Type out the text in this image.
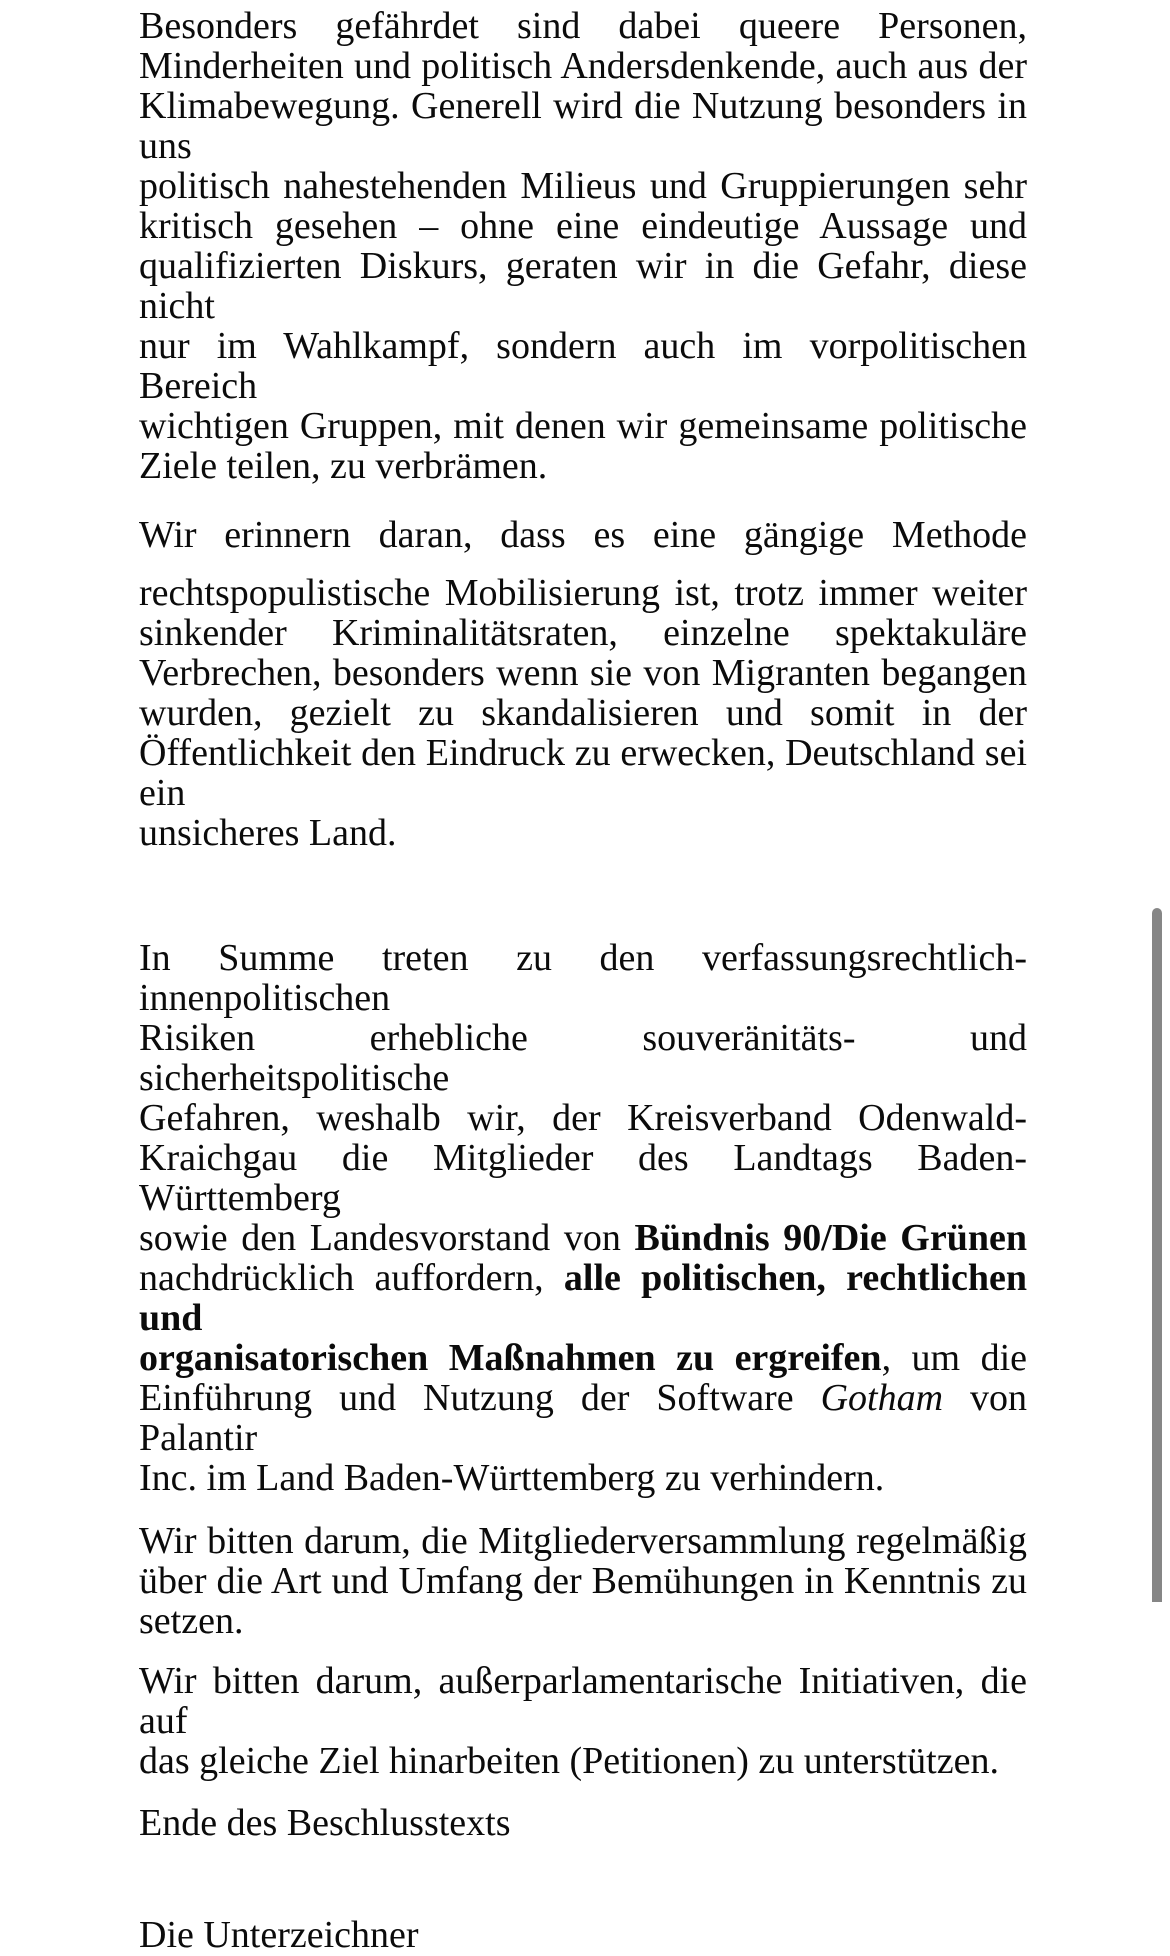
Besonders gefährdet sind dabei queere Personen,
Minderheiten und politisch Andersdenkende, auch aus der
Klimabewegung. Generell wird die Nutzung besonders in uns
politisch nahestehenden Milieus und Gruppierungen sehr
kritisch gesehen – ohne eine eindeutige Aussage und
qualifizierten Diskurs, geraten wir in die Gefahr, diese nicht
nur im Wahlkampf, sondern auch im vorpolitischen Bereich
wichtigen Gruppen, mit denen wir gemeinsame politische
Ziele teilen, zu verbrämen.
Wir erinnern daran, dass es eine gängige Methode
rechtspopulistische Mobilisierung ist, trotz immer weiter
sinkender Kriminalitätsraten, einzelne spektakuläre
Verbrechen, besonders wenn sie von Migranten begangen
wurden, gezielt zu skandalisieren und somit in der
Öffentlichkeit den Eindruck zu erwecken, Deutschland sei ein
unsicheres Land.
In Summe treten zu den verfassungsrechtlich-innenpolitischen
Risiken erhebliche souveränitäts- und sicherheitspolitische
Gefahren, weshalb wir, der Kreisverband Odenwald-
Kraichgau die Mitglieder des Landtags Baden-Württemberg
sowie den Landesvorstand von Bündnis 90/Die Grünen
nachdrücklich auffordern, alle politischen, rechtlichen und
organisatorischen Maßnahmen zu ergreifen, um die
Einführung und Nutzung der Software Gotham von Palantir
Inc. im Land Baden-Württemberg zu verhindern.
Wir bitten darum, die Mitgliederversammlung regelmäßig
über die Art und Umfang der Bemühungen in Kenntnis zu
setzen.
Wir bitten darum, außerparlamentarische Initiativen, die auf
das gleiche Ziel hinarbeiten (Petitionen) zu unterstützen.
Ende des Beschlusstexts
Die Unterzeichner
